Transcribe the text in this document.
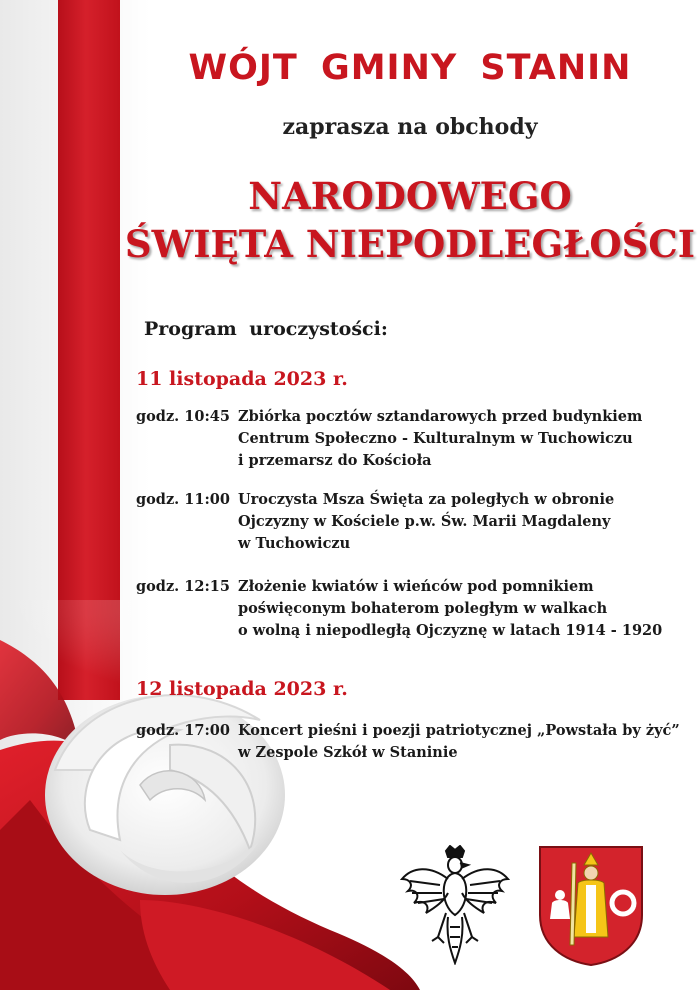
WÓJT GMINY STANIN

zaprasza na obchody

NARODOWEGO
ŚWIĘTA NIEPODLEGŁOŚCI

Program uroczystości:

11 listopada 2023 r.

godz. 10:45 Zbiórka pocztów sztandarowych przed budynkiem
Centrum Społeczno - Kulturalnym w Tuchowiczu
i przemarsz do Kościoła
godz. 11:00 Uroczysta Msza Święta za poległych w obronie
Ojczyzny w Kościele p.w. Św. Marii Magdaleny
w Tuchowiczu
godz. 12:15 Złożenie kwiatów i wieńców pod pomnikiem
poświęconym bohaterom poległym w walkach
o wolną i niepodległą Ojczyznę w latach 1914 - 1920

12 listopada 2023 r.

godz. 17:00 Koncert pieśni i poezji patriotycznej „Powstała by żyć”
w Zespole Szkół w Staninie
